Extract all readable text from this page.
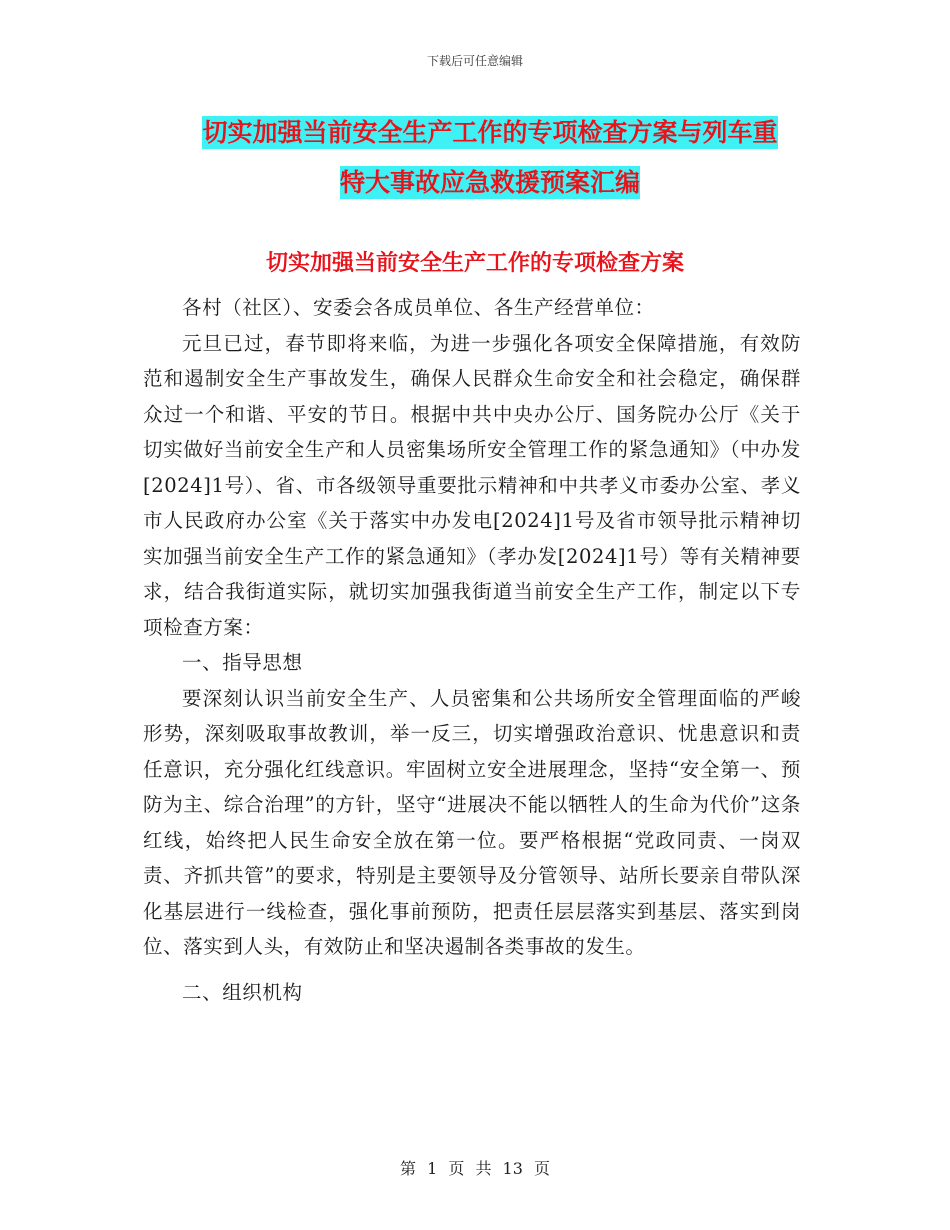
下载后可任意编辑
切实加强当前安全生产工作的专项检查方案与列车重
特大事故应急救援预案汇编
切实加强当前安全生产工作的专项检查方案

各村（社区）、安委会各成员单位、各生产经营单位：

元旦已过，春节即将来临，为进一步强化各项安全保障措施，有效防范和遏制安全生产事故发生，确保人民群众生命安全和社会稳定，确保群众过一个和谐、平安的节日。根据中共中央办公厅、国务院办公厅《关于切实做好当前安全生产和人员密集场所安全管理工作的紧急通知》（中办发[2024]1号）、省、市各级领导重要批示精神和中共孝义市委办公室、孝义市人民政府办公室《关于落实中办发电[2024]1号及省市领导批示精神切实加强当前安全生产工作的紧急通知》（孝办发[2024]1号）等有关精神要求，结合我街道实际，就切实加强我街道当前安全生产工作，制定以下专项检查方案：

一、指导思想

要深刻认识当前安全生产、人员密集和公共场所安全管理面临的严峻形势，深刻吸取事故教训，举一反三，切实增强政治意识、忧患意识和责任意识，充分强化红线意识。牢固树立安全进展理念，坚持“安全第一、预防为主、综合治理”的方针，坚守“进展决不能以牺牲人的生命为代价”这条红线，始终把人民生命安全放在第一位。要严格根据“党政同责、一岗双责、齐抓共管”的要求，特别是主要领导及分管领导、站所长要亲自带队深化基层进行一线检查，强化事前预防，把责任层层落实到基层、落实到岗位、落实到人头，有效防止和坚决遏制各类事故的发生。

二、组织机构

第 1 页 共 13 页
